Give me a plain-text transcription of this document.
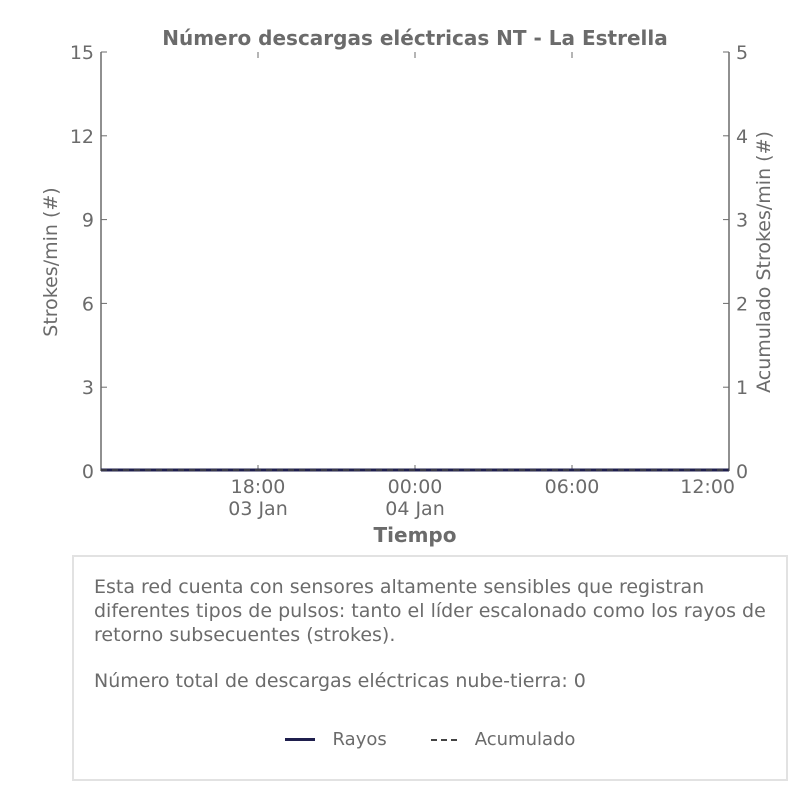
Número descargas eléctricas NT - La Estrella
0
3
6
9
12
15
0
1
2
3
4
5
18:00
03 Jan
00:00
04 Jan
06:00	12:00
Strokes/min (#)	Acumulado Strokes/min (#)
Tiempo

Esta red cuenta con sensores altamente sensibles que registran diferentes tipos de pulsos: tanto el líder escalonado como los rayos de retorno subsecuentes (strokes).

Número total de descargas eléctricas nube-tierra: 0

Rayos	Acumulado
